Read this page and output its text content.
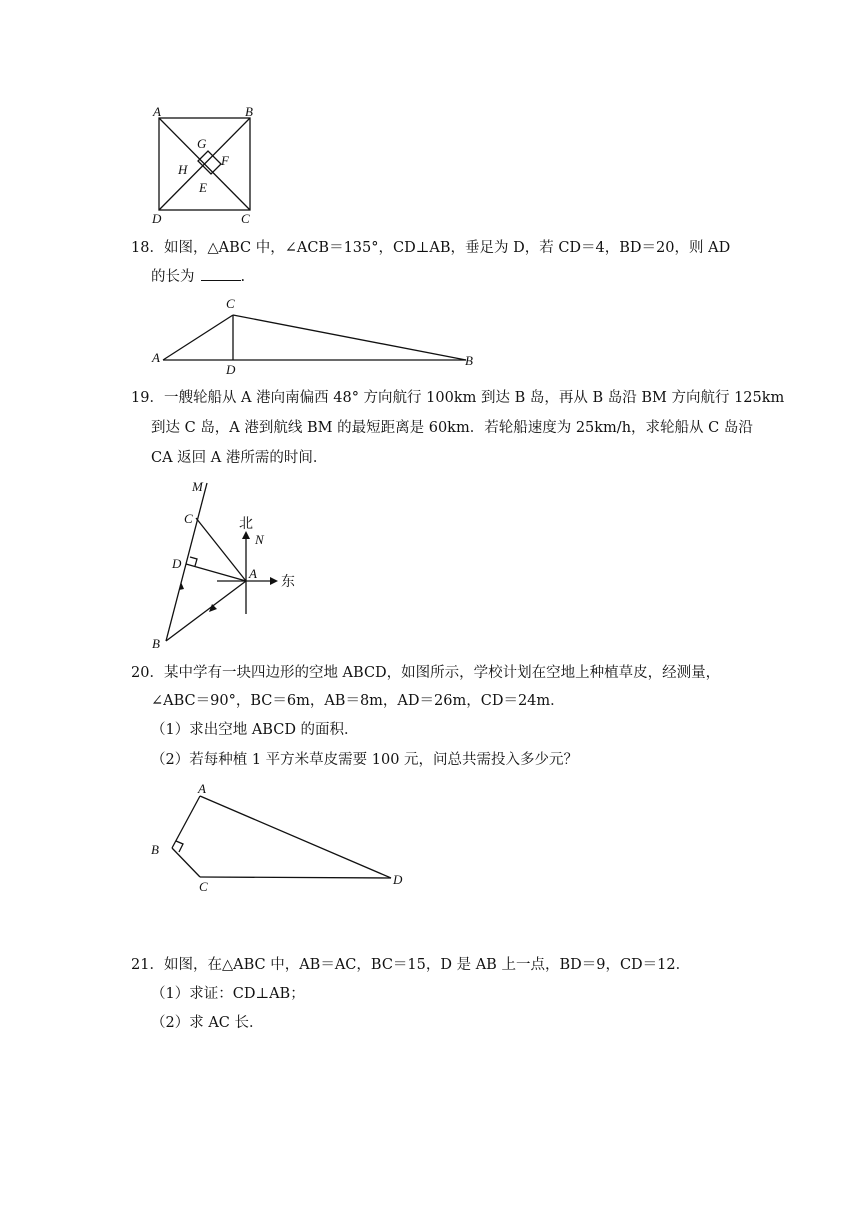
A	B
C
D
E
F
G
H
18．如图，△ABC 中，∠ACB＝135°，CD⊥AB，垂足为 D，若 CD＝4，BD＝20，则 AD
的长为	.
A	B
C
D
19．一艘轮船从 A 港向南偏西 48° 方向航行 100km 到达 B 岛，再从 B 岛沿 BM 方向航行 125km
到达 C 岛，A 港到航线 BM 的最短距离是 60km．若轮船速度为 25km/h，求轮船从 C 岛沿
CA 返回 A 港所需的时间．
M
C
D
A
B
N
北
东
20．某中学有一块四边形的空地 ABCD，如图所示，学校计划在空地上种植草皮，经测量，
∠ABC＝90°，BC＝6m，AB＝8m，AD＝26m，CD＝24m．
（1）求出空地 ABCD 的面积．
（2）若每种植 1 平方米草皮需要 100 元，问总共需投入多少元？
A
B
C	D
21．如图，在△ABC 中，AB＝AC，BC＝15，D 是 AB 上一点，BD＝9，CD＝12．
（1）求证：CD⊥AB；
（2）求 AC 长．
